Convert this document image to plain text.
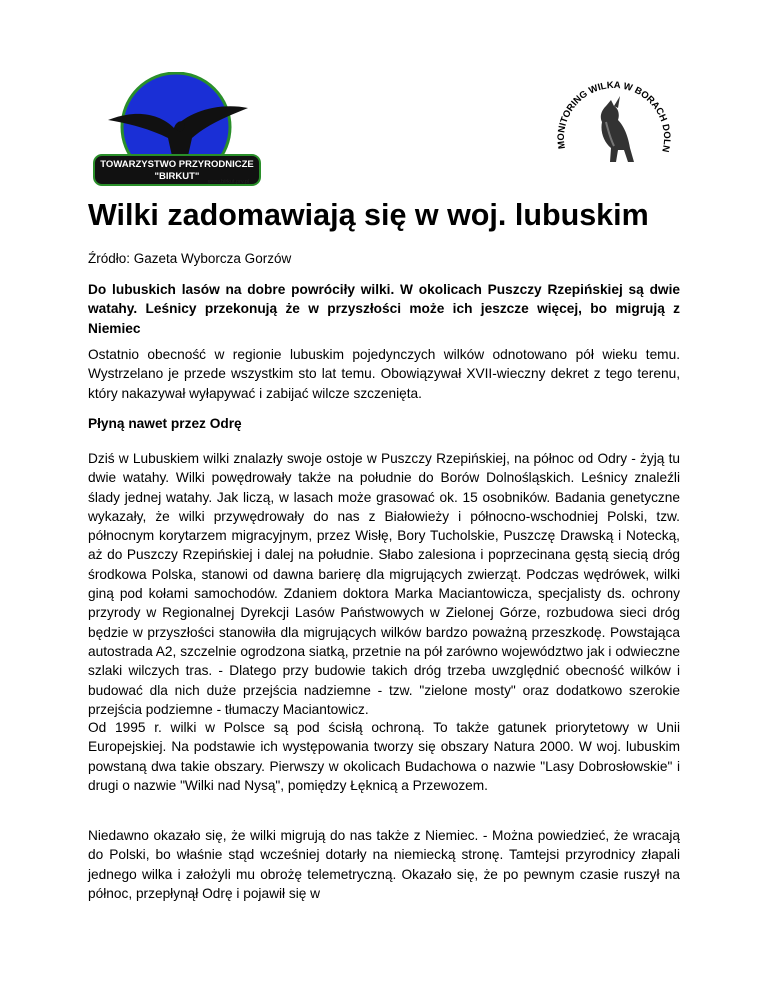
TOWARZYSTWO PRZYRODNICZE
"BIRKUT"	www.birkut.prv.pl
MONITORING WILKA W BORACH DOLN
Wilki zadomawiają się w woj. lubuskim

Źródło: Gazeta Wyborcza Gorzów

Do lubuskich lasów na dobre powróciły wilki. W okolicach Puszczy Rzepińskiej są dwie watahy. Leśnicy przekonują że w przyszłości może ich jeszcze więcej, bo migrują z Niemiec

Ostatnio obecność w regionie lubuskim pojedynczych wilków odnotowano pół wieku temu. Wystrzelano je przede wszystkim sto lat temu. Obowiązywał XVII-wieczny dekret z tego terenu, który nakazywał wyłapywać i zabijać wilcze szczenięta.

Płyną nawet przez Odrę

Dziś w Lubuskiem wilki znalazły swoje ostoje w Puszczy Rzepińskiej, na północ od Odry - żyją tu dwie watahy. Wilki powędrowały także na południe do Borów Dolnośląskich. Leśnicy znaleźli ślady jednej watahy. Jak liczą, w lasach może grasować ok. 15 osobników. Badania genetyczne wykazały, że wilki przywędrowały do nas z Białowieży i północno-wschodniej Polski, tzw. północnym korytarzem migracyjnym, przez Wisłę, Bory Tucholskie, Puszczę Drawską i Notecką, aż do Puszczy Rzepińskiej i dalej na południe. Słabo zalesiona i poprzecinana gęstą siecią dróg środkowa Polska, stanowi od dawna barierę dla migrujących zwierząt. Podczas wędrówek, wilki giną pod kołami samochodów. Zdaniem doktora Marka Maciantowicza, specjalisty ds. ochrony przyrody w Regionalnej Dyrekcji Lasów Państwowych w Zielonej Górze, rozbudowa sieci dróg będzie w przyszłości stanowiła dla migrujących wilków bardzo poważną przeszkodę. Powstająca autostrada A2, szczelnie ogrodzona siatką, przetnie na pół zarówno województwo jak i odwieczne szlaki wilczych tras. - Dlatego przy budowie takich dróg trzeba uwzględnić obecność wilków i budować dla nich duże przejścia nadziemne - tzw. "zielone mosty" oraz dodatkowo szerokie przejścia podziemne - tłumaczy Maciantowicz.

Od 1995 r. wilki w Polsce są pod ścisłą ochroną. To także gatunek priorytetowy w Unii Europejskiej. Na podstawie ich występowania tworzy się obszary Natura 2000. W woj. lubuskim powstaną dwa takie obszary. Pierwszy w okolicach Budachowa o nazwie "Lasy Dobrosłowskie" i drugi o nazwie "Wilki nad Nysą", pomiędzy Łęknicą a Przewozem.

Niedawno okazało się, że wilki migrują do nas także z Niemiec. - Można powiedzieć, że wracają do Polski, bo właśnie stąd wcześniej dotarły na niemiecką stronę. Tamtejsi przyrodnicy złapali jednego wilka i założyli mu obrożę telemetryczną. Okazało się, że po pewnym czasie ruszył na północ, przepłynął Odrę i pojawił się w
